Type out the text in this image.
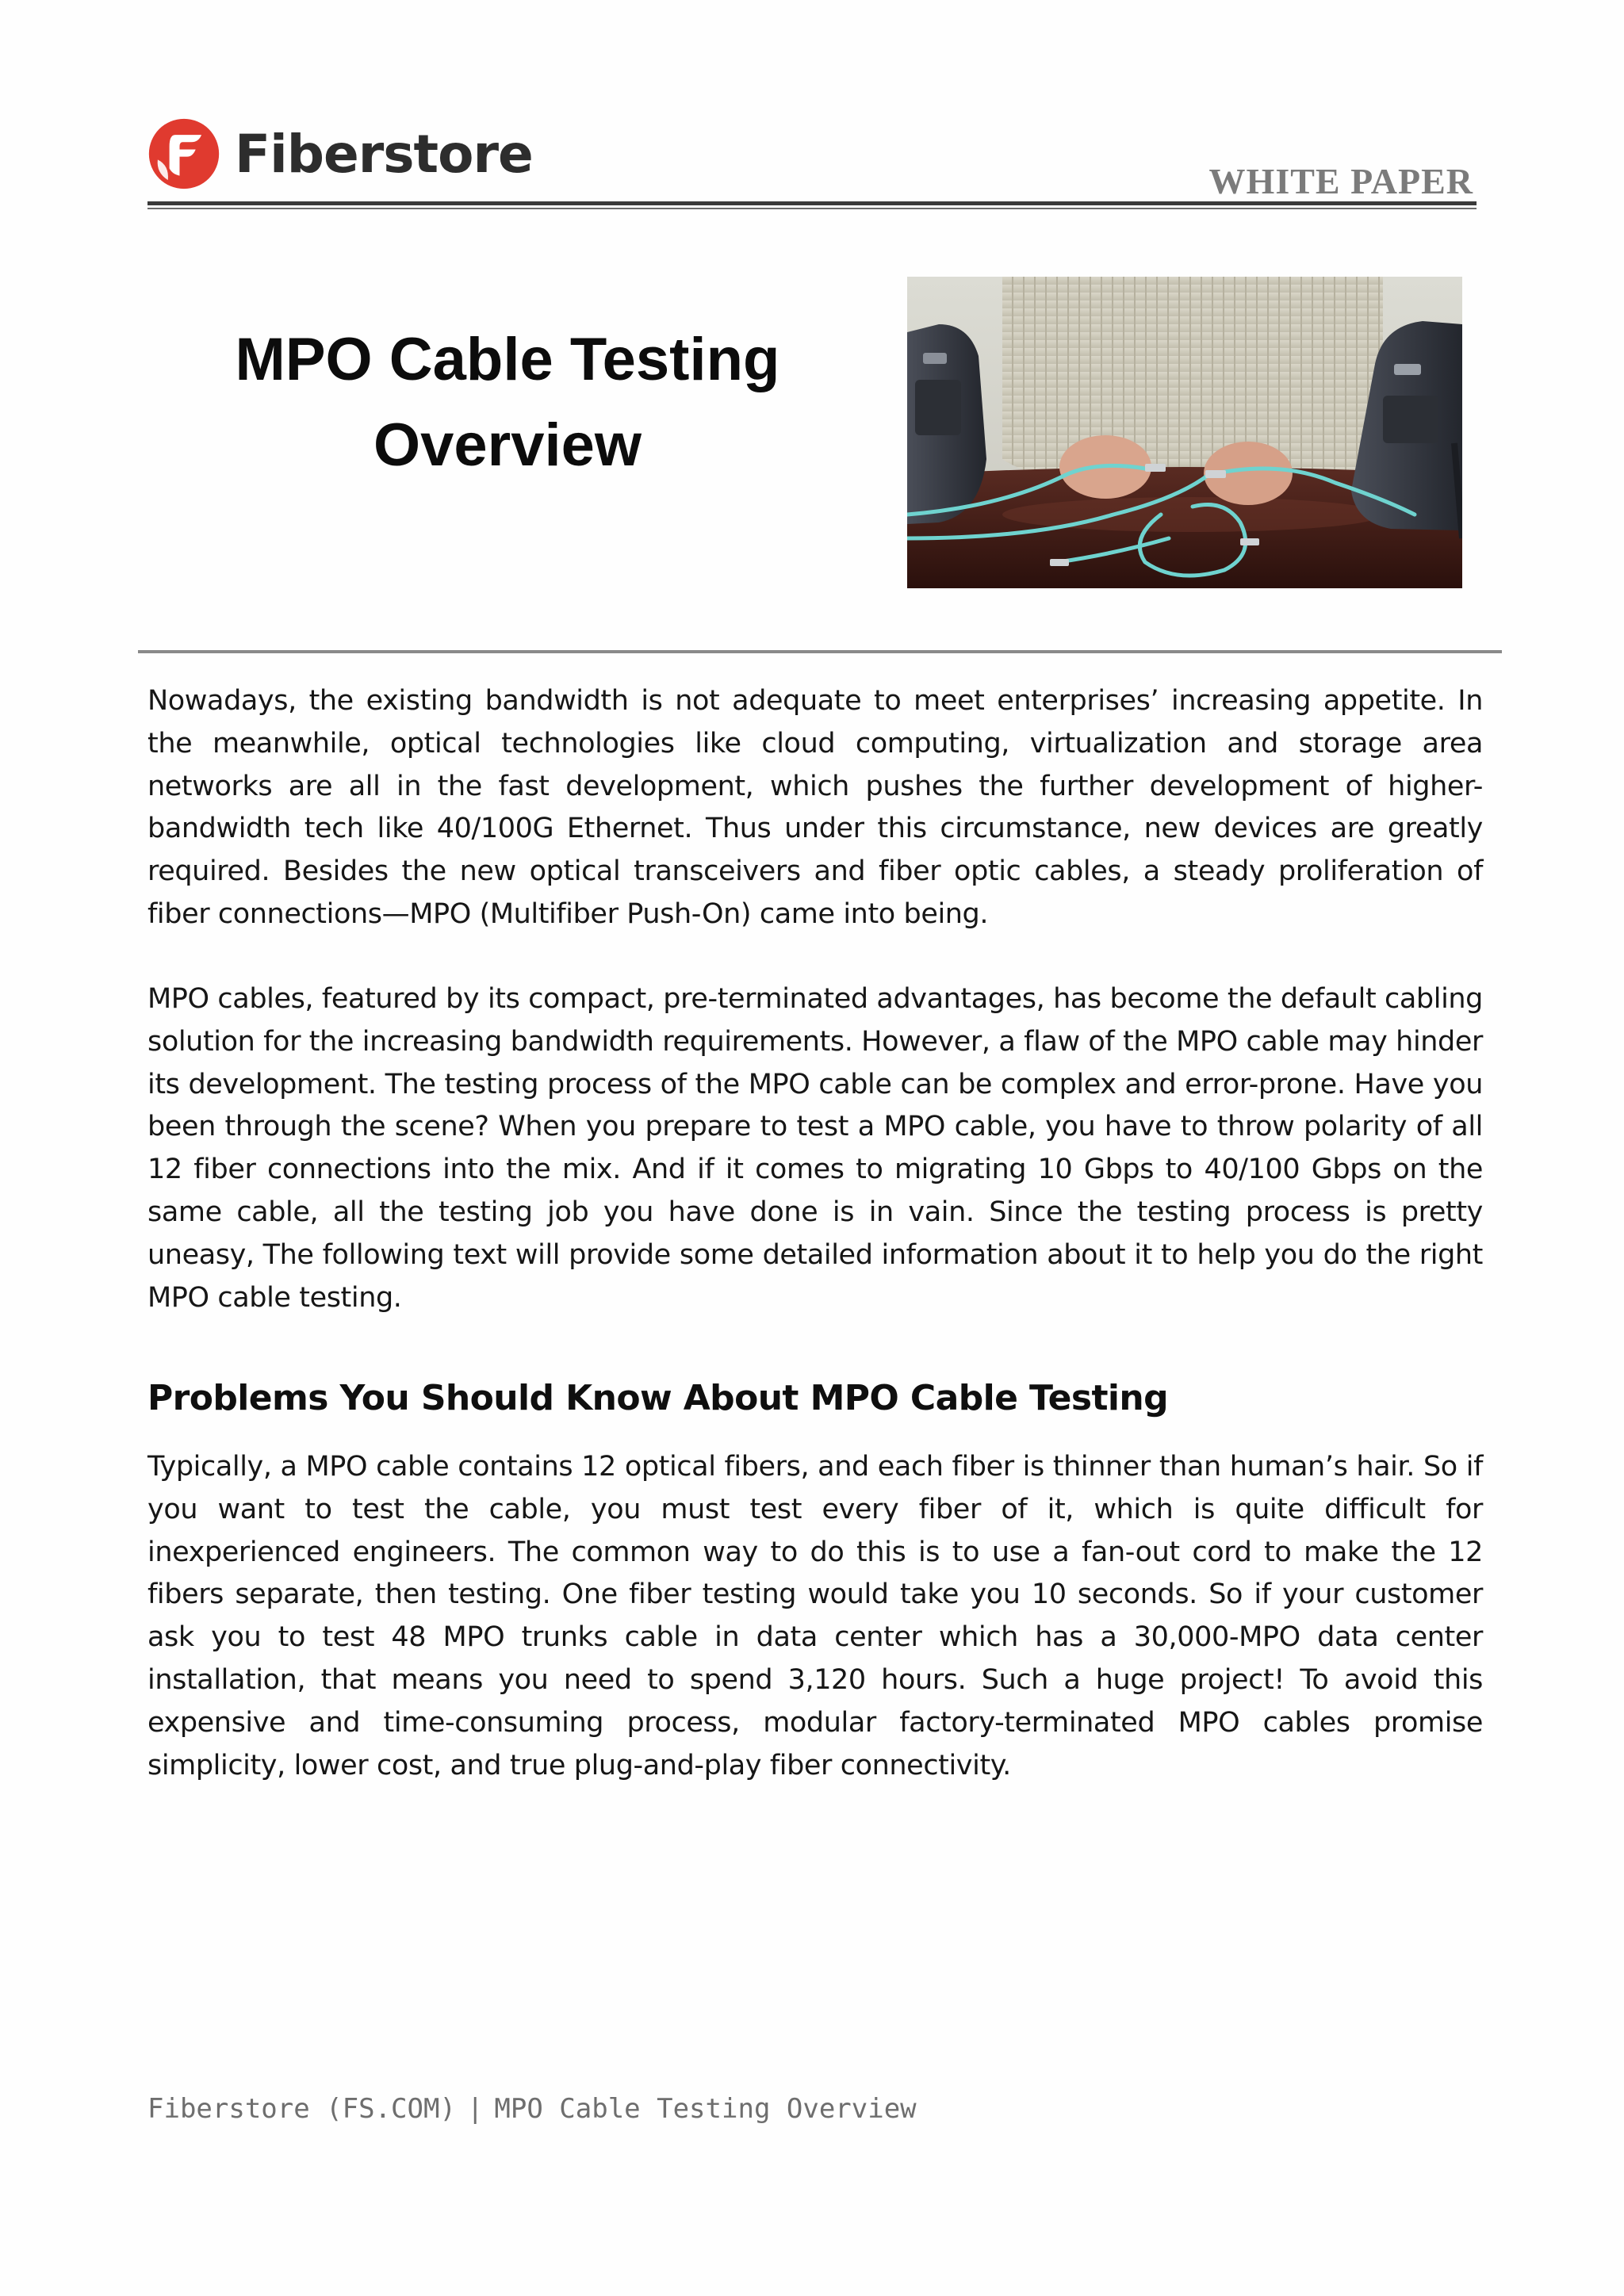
Fiberstore	WHITE PAPER
MPO Cable Testing
Overview
Nowadays, the existing bandwidth is not adequate to meet enterprises’ increasing appetite. In the meanwhile, optical technologies like cloud computing, virtualization and storage area networks are all in the fast development, which pushes the further development of higher-bandwidth tech like 40/100G Ethernet. Thus under this circumstance, new devices are greatly required. Besides the new optical transceivers and fiber optic cables, a steady proliferation of fiber connections—MPO (Multifiber Push-On) came into being.
MPO cables, featured by its compact, pre-terminated advantages, has become the default cabling solution for the increasing bandwidth requirements. However, a flaw of the MPO cable may hinder its development. The testing process of the MPO cable can be complex and error-prone. Have you been through the scene? When you prepare to test a MPO cable, you have to throw polarity of all 12 fiber connections into the mix. And if it comes to migrating 10 Gbps to 40/100 Gbps on the same cable, all the testing job you have done is in vain. Since the testing process is pretty uneasy, The following text will provide some detailed information about it to help you do the right MPO cable testing.
Problems You Should Know About MPO Cable Testing
Typically, a MPO cable contains 12 optical fibers, and each fiber is thinner than human’s hair. So if you want to test the cable, you must test every fiber of it, which is quite difficult for inexperienced engineers. The common way to do this is to use a fan-out cord to make the 12 fibers separate, then testing. One fiber testing would take you 10 seconds. So if your customer ask you to test 48 MPO trunks cable in data center which has a 30,000-MPO data center installation, that means you need to spend 3,120 hours. Such a huge project! To avoid this expensive and time-consuming process, modular factory-terminated MPO cables promise simplicity, lower cost, and true plug-and-play fiber connectivity.
Fiberstore (FS.COM) | MPO Cable Testing Overview
